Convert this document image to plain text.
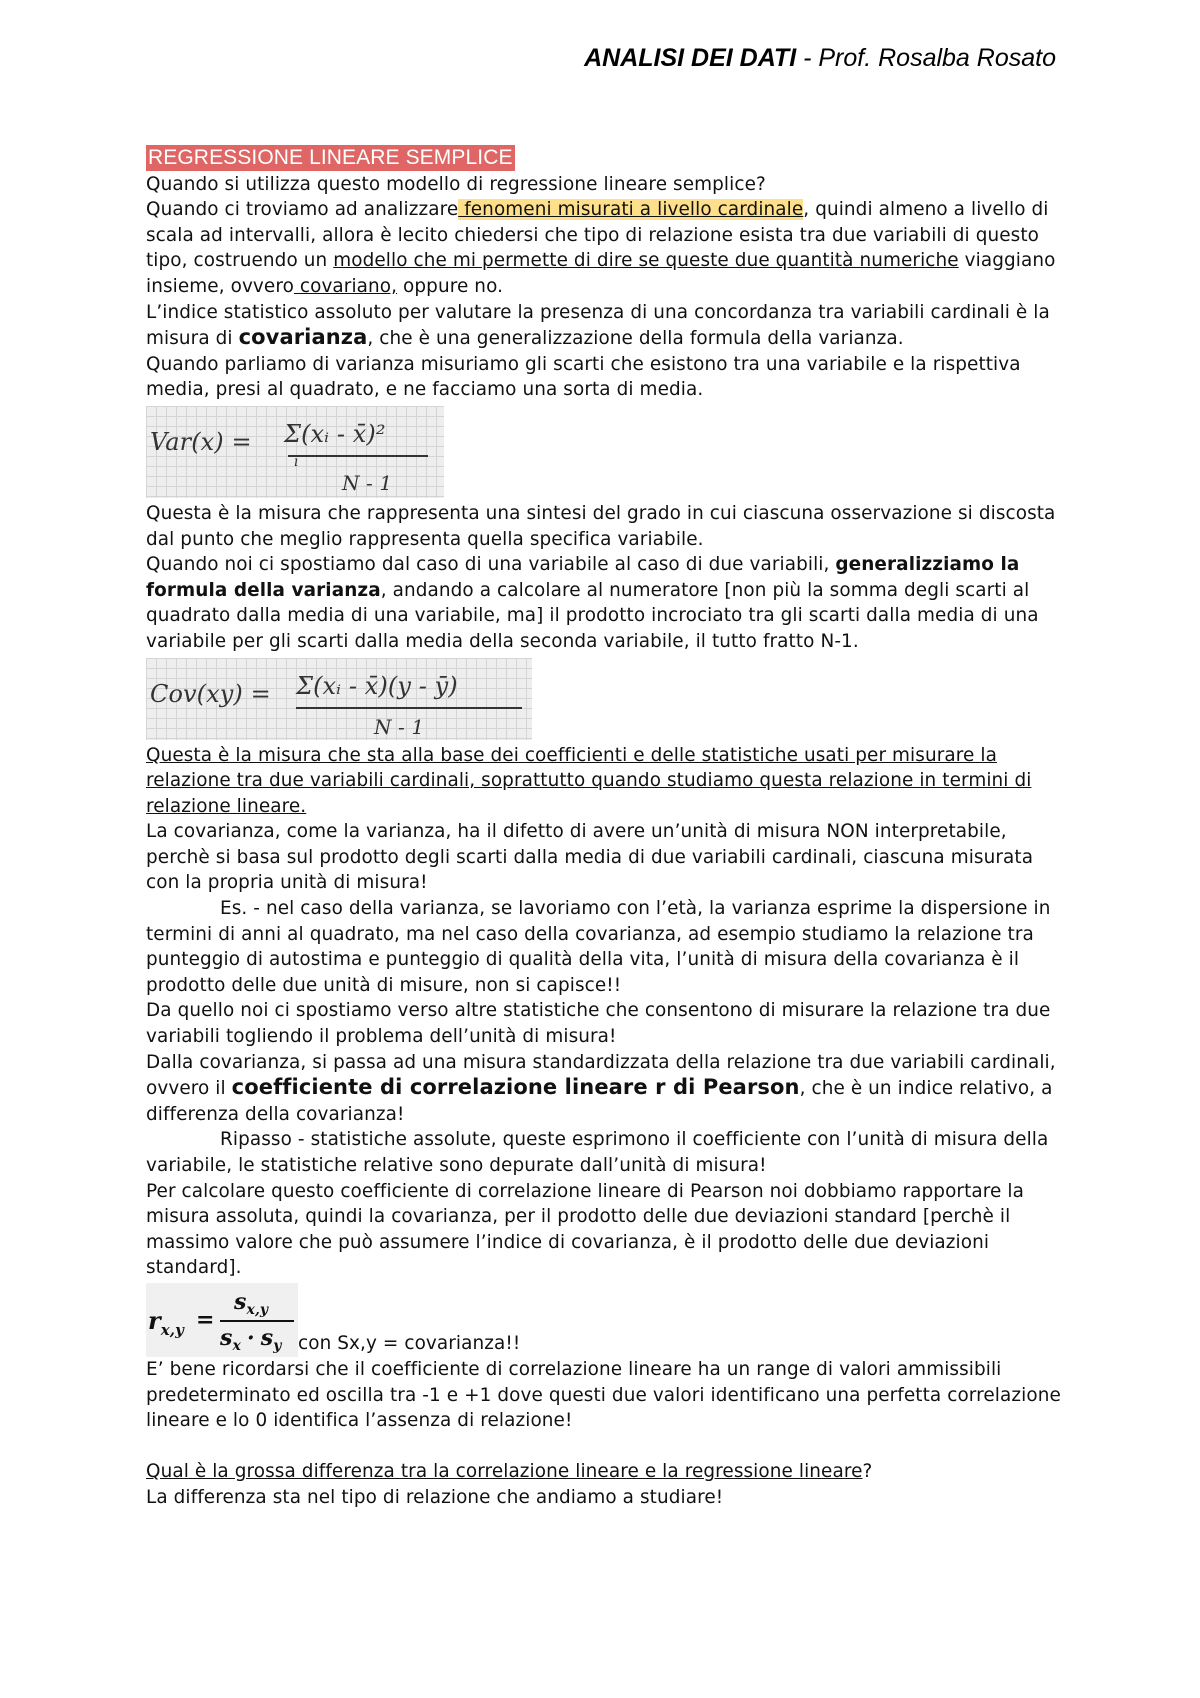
ANALISI DEI DATI - Prof. Rosalba Rosato

REGRESSIONE LINEARE SEMPLICE

Quando si utilizza questo modello di regressione lineare semplice?

Quando ci troviamo ad analizzare fenomeni misurati a livello cardinale, quindi almeno a livello di scala ad intervalli, allora è lecito chiedersi che tipo di relazione esista tra due variabili di questo tipo, costruendo un modello che mi permette di dire se queste due quantità numeriche viaggiano insieme, ovvero covariano, oppure no.

L’indice statistico assoluto per valutare la presenza di una concordanza tra variabili cardinali è la misura di covarianza, che è una generalizzazione della formula della varianza.

Quando parliamo di varianza misuriamo gli scarti che esistono tra una variabile e la rispettiva media, presi al quadrato, e ne facciamo una sorta di media.

Var(x) = Σ(xᵢ - x̄)²
i
N - 1

Questa è la misura che rappresenta una sintesi del grado in cui ciascuna osservazione si discosta dal punto che meglio rappresenta quella specifica variabile.

Quando noi ci spostiamo dal caso di una variabile al caso di due variabili, generalizziamo la formula della varianza, andando a calcolare al numeratore [non più la somma degli scarti al quadrato dalla media di una variabile, ma] il prodotto incrociato tra gli scarti dalla media di una variabile per gli scarti dalla media della seconda variabile, il tutto fratto N-1.

Cov(xy) = Σ(xᵢ - x̄)(y - ȳ)
N - 1

Questa è la misura che sta alla base dei coefficienti e delle statistiche usati per misurare la relazione tra due variabili cardinali, soprattutto quando studiamo questa relazione in termini di relazione lineare.

La covarianza, come la varianza, ha il difetto di avere un’unità di misura NON interpretabile, perchè si basa sul prodotto degli scarti dalla media di due variabili cardinali, ciascuna misurata con la propria unità di misura!

Es. - nel caso della varianza, se lavoriamo con l’età, la varianza esprime la dispersione in termini di anni al quadrato, ma nel caso della covarianza, ad esempio studiamo la relazione tra punteggio di autostima e punteggio di qualità della vita, l’unità di misura della covarianza è il prodotto delle due unità di misure, non si capisce!!

Da quello noi ci spostiamo verso altre statistiche che consentono di misurare la relazione tra due variabili togliendo il problema dell’unità di misura!

Dalla covarianza, si passa ad una misura standardizzata della relazione tra due variabili cardinali, ovvero il coefficiente di correlazione lineare r di Pearson, che è un indice relativo, a differenza della covarianza!

Ripasso - statistiche assolute, queste esprimono il coefficiente con l’unità di misura della variabile, le statistiche relative sono depurate dall’unità di misura!

Per calcolare questo coefficiente di correlazione lineare di Pearson noi dobbiamo rapportare la misura assoluta, quindi la covarianza, per il prodotto delle due deviazioni standard [perchè il massimo valore che può assumere l’indice di covarianza, è il prodotto delle due deviazioni standard].

$r_{x,y}$ =
$s_{x,y}$
$s_x \cdot s_y$ con Sx,y = covarianza!!

E’ bene ricordarsi che il coefficiente di correlazione lineare ha un range di valori ammissibili predeterminato ed oscilla tra -1 e +1 dove questi due valori identificano una perfetta correlazione lineare e lo 0 identifica l’assenza di relazione!

Qual è la grossa differenza tra la correlazione lineare e la regressione lineare?

La differenza sta nel tipo di relazione che andiamo a studiare!
